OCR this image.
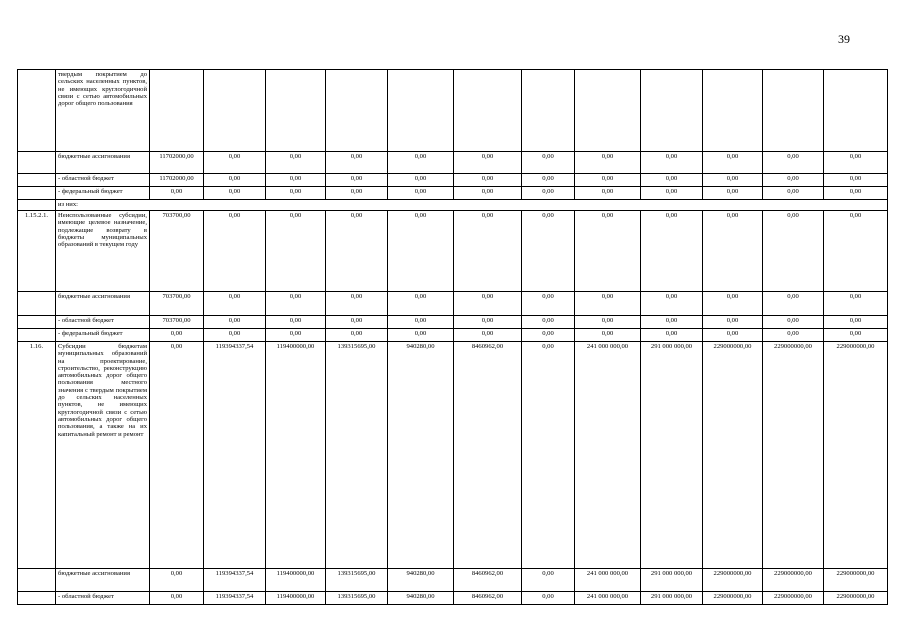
39
	твердым покрытием до сельских населенных пунктов, не имеющих круглогодичной связи с сетью автомобильных дорог общего пользования												
	бюджетные ассигнования	11702000,00	0,00	0,00	0,00	0,00	0,00	0,00	0,00	0,00	0,00	0,00	0,00
	- областной бюджет	11702000,00	0,00	0,00	0,00	0,00	0,00	0,00	0,00	0,00	0,00	0,00	0,00
	- федеральный бюджет	0,00	0,00	0,00	0,00	0,00	0,00	0,00	0,00	0,00	0,00	0,00	0,00
	из них:												
1.15.2.1.	Неиспользованные субсидии, имеющие целевое назначение, подлежащие возврату в бюджеты муниципальных образований в текущем году	703700,00	0,00	0,00	0,00	0,00	0,00	0,00	0,00	0,00	0,00	0,00	0,00
	бюджетные ассигнования	703700,00	0,00	0,00	0,00	0,00	0,00	0,00	0,00	0,00	0,00	0,00	0,00
	- областной бюджет	703700,00	0,00	0,00	0,00	0,00	0,00	0,00	0,00	0,00	0,00	0,00	0,00
	- федеральный бюджет	0,00	0,00	0,00	0,00	0,00	0,00	0,00	0,00	0,00	0,00	0,00	0,00
1.16.	Субсидии бюджетам муниципальных образований на проектирование, строительство, реконструкцию автомобильных дорог общего пользования местного значения с твердым покрытием до сельских населенных пунктов, не имеющих круглогодичной связи с сетью автомобильных дорог общего пользования, а также на их капитальный ремонт и ремонт	0,00	119394337,54	119400000,00	139315695,00	940280,00	8460962,00	0,00	241 000 000,00	291 000 000,00	229000000,00	229000000,00	229000000,00
	бюджетные ассигнования	0,00	119394337,54	119400000,00	139315695,00	940280,00	8460962,00	0,00	241 000 000,00	291 000 000,00	229000000,00	229000000,00	229000000,00
	- областной бюджет	0,00	119394337,54	119400000,00	139315695,00	940280,00	8460962,00	0,00	241 000 000,00	291 000 000,00	229000000,00	229000000,00	229000000,00
